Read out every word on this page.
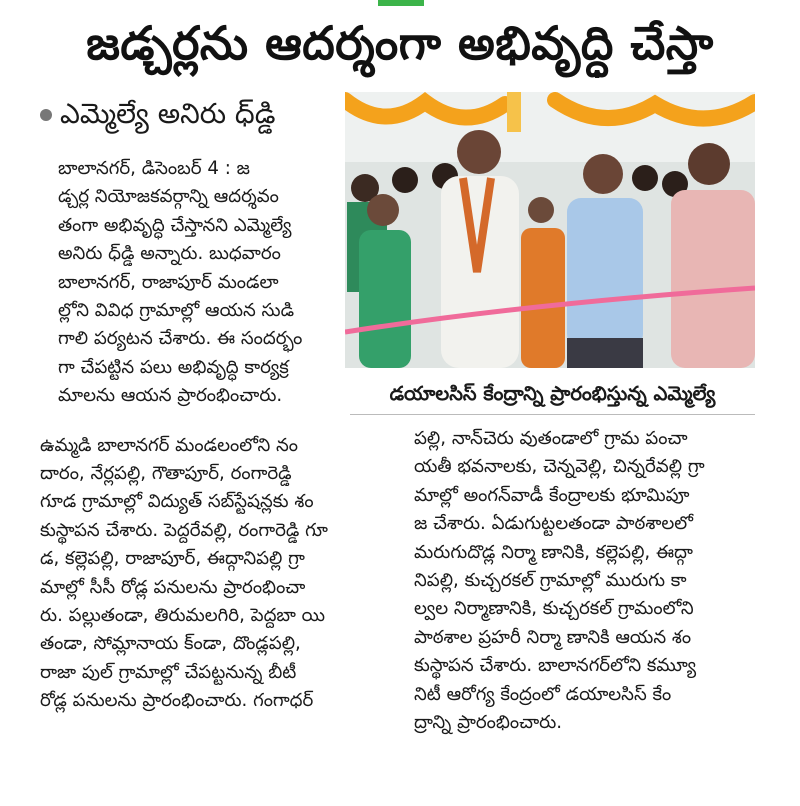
జడ్చర్లను ఆదర్శంగా అభివృద్ధి చేస్తా
ఎమ్మెల్యే అనిరు ధ్‌డ్డి
డయాలసిస్ కేంద్రాన్ని ప్రారంభిస్తున్న ఎమ్మెల్యే
బాలానగర్, డిసెంబర్ 4 : జ
డ్చర్ల నియోజకవర్గాన్ని ఆదర్శవం
తంగా అభివృద్ధి చేస్తానని ఎమ్మెల్యే
అనిరు ధ్‌డ్డి అన్నారు. బుధవారం
బాలానగర్, రాజాపూర్ మండలా
ల్లోని వివిధ గ్రామాల్లో ఆయన సుడి
గాలి పర్యటన చేశారు. ఈ సందర్భం
గా చేపట్టిన పలు అభివృద్ధి కార్యక్ర
మాలను ఆయన ప్రారంభించారు.
ఉమ్మడి బాలానగర్ మండలంలోని నం
దారం, నేర్లపల్లి, గౌతాపూర్, రంగారెడ్డి
గూడ గ్రామాల్లో విద్యుత్ సబ్‌స్టేషన్లకు శం
కుస్థాపన చేశారు. పెద్దరేవల్లి, రంగారెడ్డి గూ
డ, కల్లెపల్లి, రాజాపూర్, ఈద్గానిపల్లి గ్రా
మాల్లో సీసీ రోడ్ల పనులను ప్రారంభించా
రు. పల్లుతండా, తిరుమలగిరి, పెద్దబా యి
తండా, సోమ్లానాయ క్‌ండా, దొండ్లపల్లి,
రాజా పుల్ గ్రామాల్లో చేపట్టనున్న బీటీ
రోడ్ల పనులను ప్రారంభించారు. గంగాధర్
పల్లి, నాన్‌చెరు వుతండాలో గ్రామ పంచా
యతీ భవనాలకు, చెన్నవెల్లి, చిన్నరేవల్లి గ్రా
మాల్లో అంగన్‌వాడీ కేంద్రాలకు భూమిపూ
జ చేశారు. ఏడుగుట్టలతండా పాఠశాలలో
మరుగుదొడ్ల నిర్మా ణానికి, కల్లెపల్లి, ఈద్గా
నిపల్లి, కుచ్చరకల్ గ్రామాల్లో మురుగు కా
ల్వల నిర్మాణానికి, కుచ్చరకల్ గ్రామంలోని
పాఠశాల ప్రహరీ నిర్మా ణానికి ఆయన శం
కుస్థాపన చేశారు. బాలానగర్‌లోని కమ్యూ
నిటీ ఆరోగ్య కేంద్రంలో డయాలసిస్ కేం
ద్రాన్ని ప్రారంభించారు.
